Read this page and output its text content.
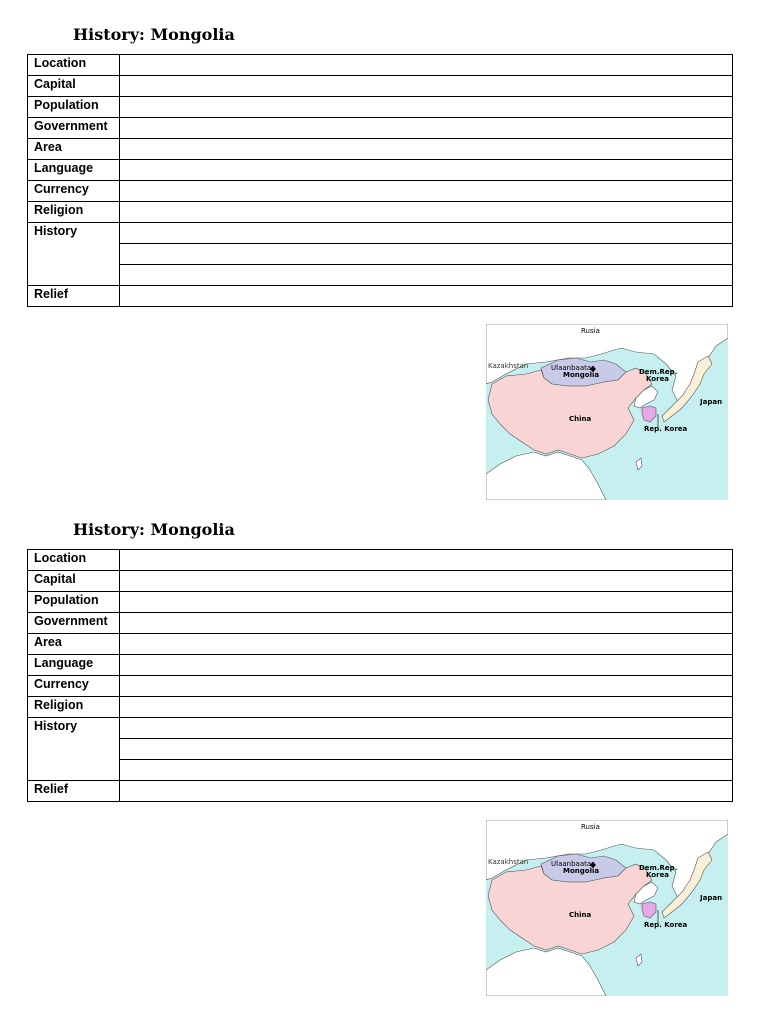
History: Mongolia
Location	
Capital	
Population	
Government	
Area	
Language	
Currency	
Religion	
History	

Relief	
Rusia
Kazakhstan	Ulaanbaatar
Mongolia
China
Dem.Rep.
Korea
Japan
Rep. Korea
History: Mongolia
Location	
Capital	
Population	
Government	
Area	
Language	
Currency	
Religion	
History	

Relief	
Rusia
Kazakhstan	Ulaanbaatar
Mongolia
China
Dem.Rep.
Korea
Japan
Rep. Korea
